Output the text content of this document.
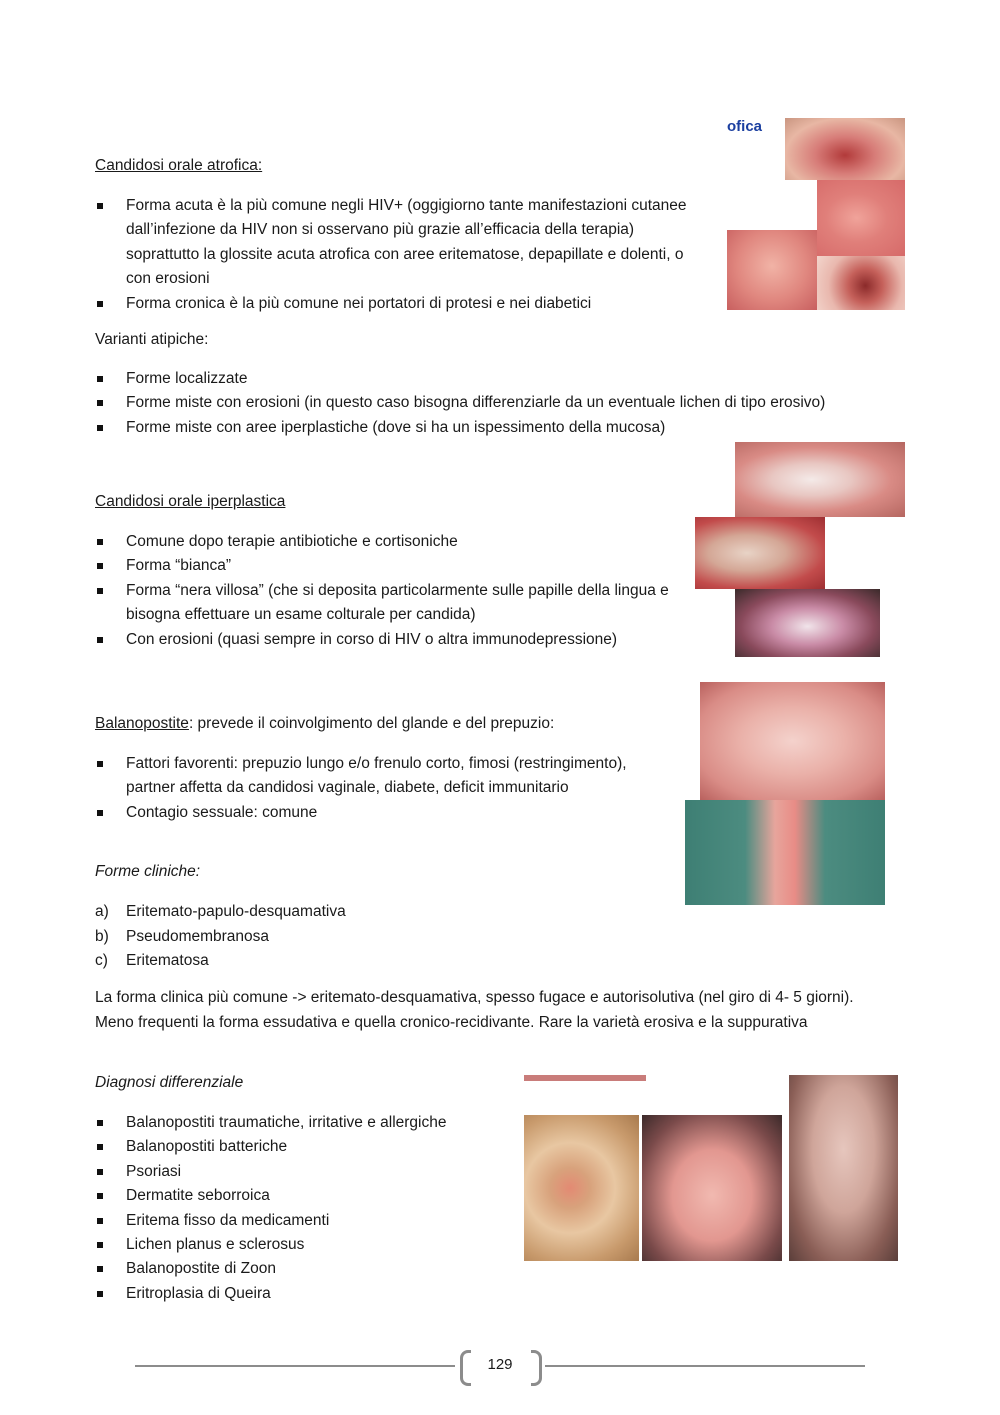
Candidosi orale atrofica:
Forma acuta è la più comune negli HIV+ (oggigiorno tante manifestazioni cutanee dall’infezione da HIV non si osservano più grazie all’efficacia della terapia) soprattutto la glossite acuta atrofica con aree eritematose, depapillate e dolenti, o con erosioni
Forma cronica è la più comune nei portatori di protesi e nei diabetici
ofica
Varianti atipiche:
Forme localizzate
Forme miste con erosioni (in questo caso bisogna differenziarle da un eventuale lichen di tipo erosivo)
Forme miste con aree iperplastiche (dove si ha un ispessimento della mucosa)
Candidosi orale iperplastica
Comune dopo terapie antibiotiche e cortisoniche
Forma “bianca”
Forma “nera villosa” (che si deposita particolarmente sulle papille della lingua e bisogna effettuare un esame colturale per candida)
Con erosioni (quasi sempre in corso di HIV o altra immunodepressione)
Balanopostite: prevede il coinvolgimento del glande e del prepuzio:
Fattori favorenti: prepuzio lungo e/o frenulo corto, fimosi (restringimento), partner affetta da candidosi vaginale, diabete, deficit immunitario
Contagio sessuale: comune
Forme cliniche:
a) Eritemato-papulo-desquamativa
b) Pseudomembranosa
c) Eritematosa

La forma clinica più comune -> eritemato-desquamativa, spesso fugace e autorisolutiva (nel giro di 4- 5 giorni). Meno frequenti la forma essudativa e quella cronico-recidivante. Rare la varietà erosiva e la suppurativa

Diagnosi differenziale
Balanopostiti traumatiche, irritative e allergiche
Balanopostiti batteriche
Psoriasi
Dermatite seborroica
Eritema fisso da medicamenti
Lichen planus e sclerosus
Balanopostite di Zoon
Eritroplasia di Queira
129
